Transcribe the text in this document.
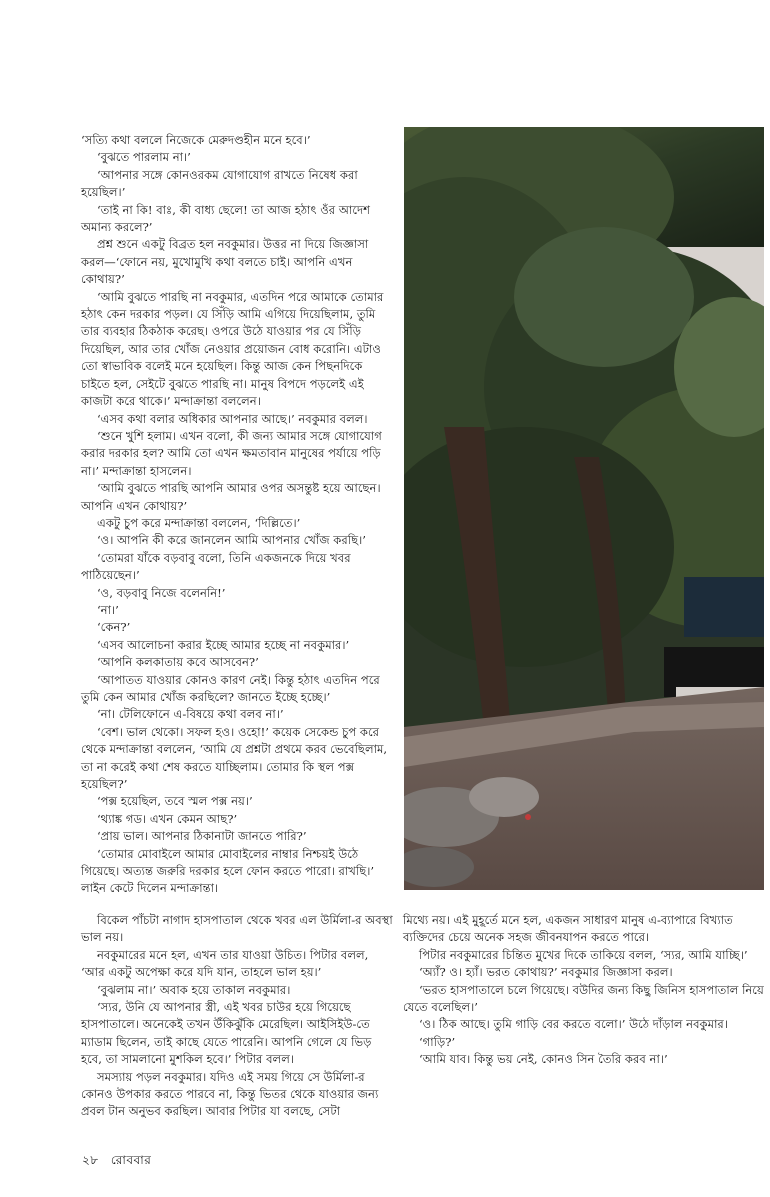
‘সত্যি কথা বললে নিজেকে মেরুদণ্ডহীন মনে হবে।’

‘বুঝতে পারলাম না।’

‘আপনার সঙ্গে কোনওরকম যোগাযোগ রাখতে নিষেধ করা হয়েছিল।’

‘তাই না কি! বাঃ, কী বাধ্য ছেলে! তা আজ হঠাৎ ওঁর আদেশ অমান্য করলে?’

প্রশ্ন শুনে একটু বিব্রত হল নবকুমার। উত্তর না দিয়ে জিজ্ঞাসা করল—‘ফোনে নয়, মুখোমুখি কথা বলতে চাই। আপনি এখন কোথায়?’

‘আমি বুঝতে পারছি না নবকুমার, এতদিন পরে আমাকে তোমার হঠাৎ কেন দরকার পড়ল। যে সিঁড়ি আমি এগিয়ে দিয়েছিলাম, তুমি তার ব্যবহার ঠিকঠাক করেছ। ওপরে উঠে যাওয়ার পর যে সিঁড়ি দিয়েছিল, আর তার খোঁজ নেওয়ার প্রয়োজন বোধ করোনি। এটাও তো স্বাভাবিক বলেই মনে হয়েছিল। কিন্তু আজ কেন পিছনদিকে চাইতে হল, সেইটে বুঝতে পারছি না। মানুষ বিপদে পড়লেই এই কাজটা করে থাকে।’ মন্দাক্রান্তা বললেন।

‘এসব কথা বলার অধিকার আপনার আছে।’ নবকুমার বলল।

‘শুনে খুশি হলাম। এখন বলো, কী জন্য আমার সঙ্গে যোগাযোগ করার দরকার হল? আমি তো এখন ক্ষমতাবান মানুষের পর্যায়ে পড়ি না।’ মন্দাক্রান্তা হাসলেন।

‘আমি বুঝতে পারছি আপনি আমার ওপর অসন্তুষ্ট হয়ে আছেন। আপনি এখন কোথায়?’

একটু চুপ করে মন্দাক্রান্তা বললেন, ‘দিল্লিতে।’

‘ও। আপনি কী করে জানলেন আমি আপনার খোঁজ করছি।’

‘তোমরা যাঁকে বড়বাবু বলো, তিনি একজনকে দিয়ে খবর পাঠিয়েছেন।’

‘ও, বড়বাবু নিজে বলেননি!’

‘না।’

‘কেন?’

‘এসব আলোচনা করার ইচ্ছে আমার হচ্ছে না নবকুমার।’

‘আপনি কলকাতায় কবে আসবেন?’

‘আপাতত যাওয়ার কোনও কারণ নেই। কিন্তু হঠাৎ এতদিন পরে তুমি কেন আমার খোঁজ করছিলে? জানতে ইচ্ছে হচ্ছে।’

‘না। টেলিফোনে এ-বিষয়ে কথা বলব না।’

‘বেশ। ভাল থেকো। সফল হও। ওহো!’ কয়েক সেকেন্ড চুপ করে থেকে মন্দাক্রান্তা বললেন, ‘আমি যে প্রশ্নটা প্রথমে করব ভেবেছিলাম, তা না করেই কথা শেষ করতে যাচ্ছিলাম। তোমার কি স্থল পক্স হয়েছিল?’

‘পক্স হয়েছিল, তবে স্মল পক্স নয়।’

‘থ্যাঙ্ক গড। এখন কেমন আছ?’

‘প্রায় ভাল। আপনার ঠিকানাটা জানতে পারি?’

‘তোমার মোবাইলে আমার মোবাইলের নাম্বার নিশ্চয়ই উঠে গিয়েছে। অত্যন্ত জরুরি দরকার হলে ফোন করতে পারো। রাখছি।’ লাইন কেটে দিলেন মন্দাক্রান্তা।

বিকেল পাঁচটা নাগাদ হাসপাতাল থেকে খবর এল উর্মিলা-র অবস্থা ভাল নয়।

নবকুমারের মনে হল, এখন তার যাওয়া উচিত। পিটার বলল, ‘আর একটু অপেক্ষা করে যদি যান, তাহলে ভাল হয়।’

‘বুঝলাম না।’ অবাক হয়ে তাকাল নবকুমার।

‘স্যর, উনি যে আপনার স্ত্রী, এই খবর চাউর হয়ে গিয়েছে হাসপাতালে। অনেকেই তখন উঁকিঝুঁকি মেরেছিল। আইসিইউ-তে ম্যাডাম ছিলেন, তাই কাছে যেতে পারেনি। আপনি গেলে যে ভিড় হবে, তা সামলানো মুশকিল হবে।’ পিটার বলল।

সমস্যায় পড়ল নবকুমার। যদিও এই সময় গিয়ে সে উর্মিলা-র কোনও উপকার করতে পারবে না, কিন্তু ভিতর থেকে যাওয়ার জন্য প্রবল টান অনুভব করছিল। আবার পিটার যা বলছে, সেটা

মিথ্যে নয়। এই মুহূর্তে মনে হল, একজন সাধারণ মানুষ এ-ব্যাপারে বিখ্যাত ব্যক্তিদের চেয়ে অনেক সহজ জীবনযাপন করতে পারে।

পিটার নবকুমারের চিন্তিত মুখের দিকে তাকিয়ে বলল, ‘স্যর, আমি যাচ্ছি।’

‘অ্যাঁ? ও। হ্যাঁ। ভরত কোথায়?’ নবকুমার জিজ্ঞাসা করল।

‘ভরত হাসপাতালে চলে গিয়েছে। বউদির জন্য কিছু জিনিস হাসপাতাল নিয়ে যেতে বলেছিল।’

‘ও। ঠিক আছে। তুমি গাড়ি বের করতে বলো।’ উঠে দাঁড়াল নবকুমার।

‘গাড়ি?’

‘আমি যাব। কিন্তু ভয় নেই, কোনও সিন তৈরি করব না।’

২৮ রোববার
